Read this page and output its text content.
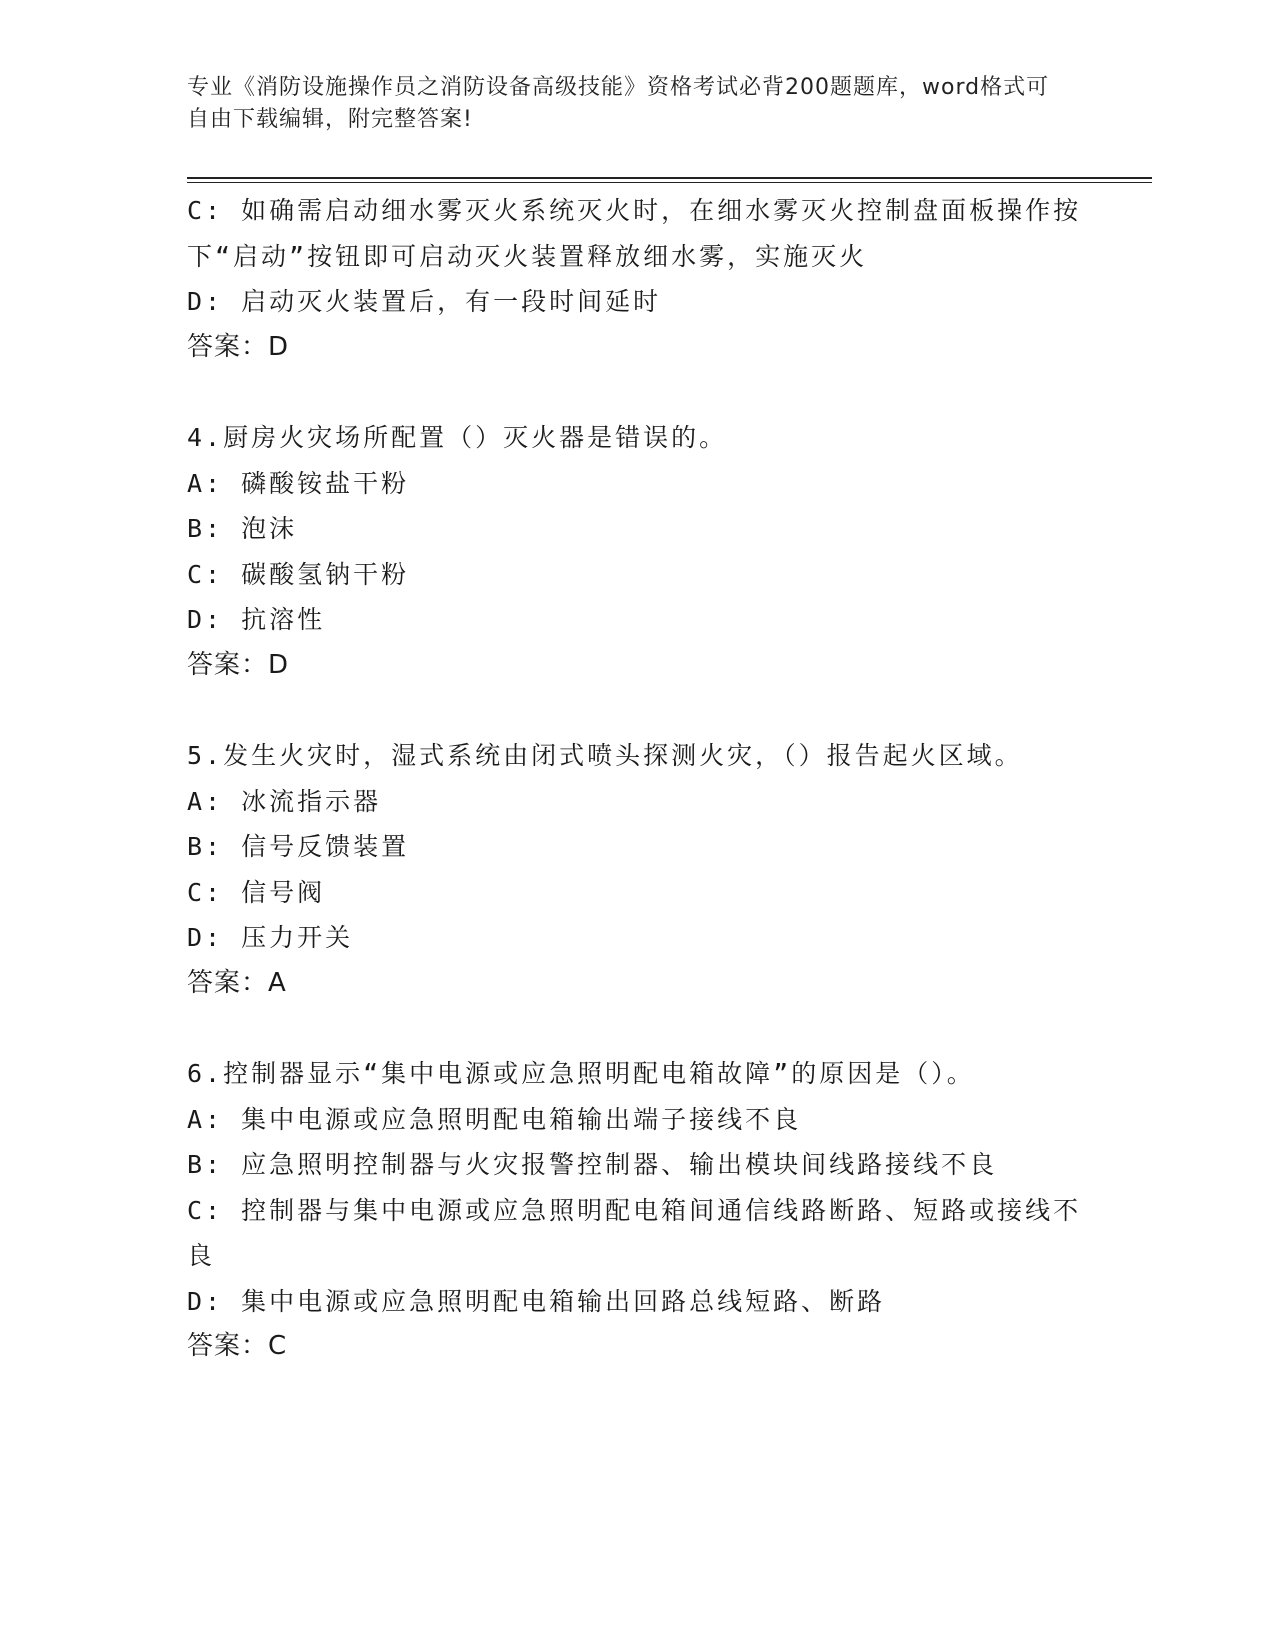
专业《消防设施操作员之消防设备高级技能》资格考试必背200题题库，word格式可自由下载编辑，附完整答案!

C: 如确需启动细水雾灭火系统灭火时，在细水雾灭火控制盘面板操作按下“启动”按钮即可启动灭火装置释放细水雾，实施灭火

D: 启动灭火装置后，有一段时间延时

答案：D

4.厨房火灾场所配置（）灭火器是错误的。

A: 磷酸铵盐干粉

B: 泡沫

C: 碳酸氢钠干粉

D: 抗溶性

答案：D

5.发生火灾时，湿式系统由闭式喷头探测火灾，（）报告起火区域。

A: 冰流指示器

B: 信号反馈装置

C: 信号阀

D: 压力开关

答案：A

6.控制器显示“集中电源或应急照明配电箱故障”的原因是（）。

A: 集中电源或应急照明配电箱输出端子接线不良

B: 应急照明控制器与火灾报警控制器、输出模块间线路接线不良

C: 控制器与集中电源或应急照明配电箱间通信线路断路、短路或接线不良

D: 集中电源或应急照明配电箱输出回路总线短路、断路

答案：C
